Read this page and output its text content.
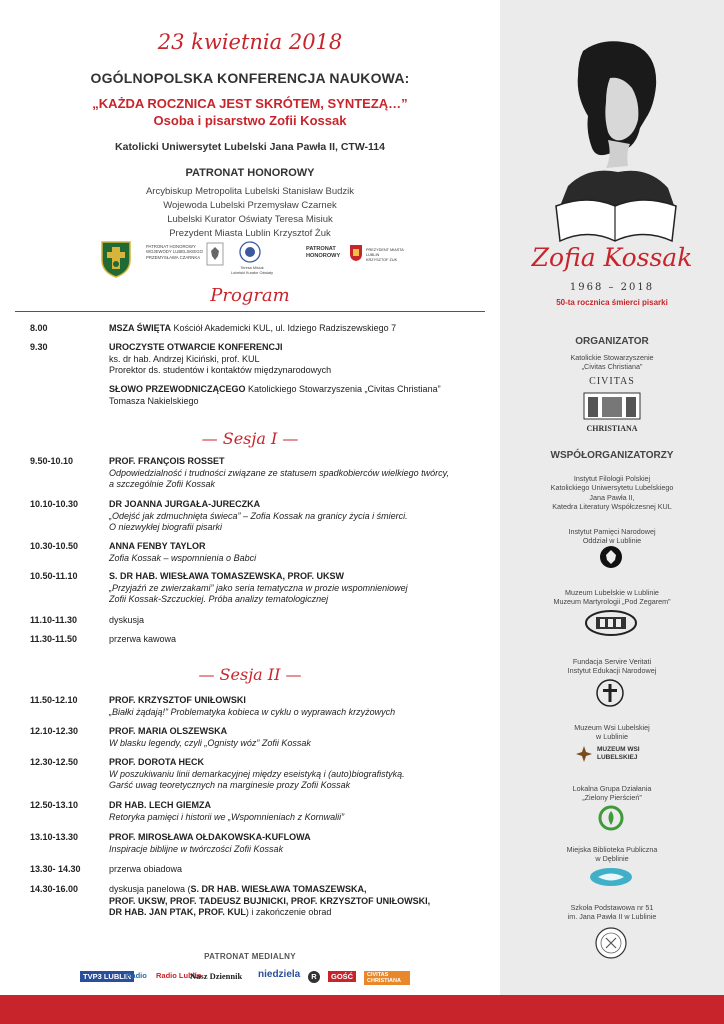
23 kwietnia 2018
OGÓLNOPOLSKA KONFERENCJA NAUKOWA:
„KAŻDA ROCZNICA JEST SKRÓTEM, SYNTEZĄ…”
Osoba i pisarstwo Zofii Kossak
Katolicki Uniwersytet Lubelski Jana Pawła II, CTW-114
PATRONAT HONOROWY
Arcybiskup Metropolita Lubelski Stanisław Budzik
Wojewoda Lubelski Przemysław Czarnek
Lubelski Kurator Oświaty Teresa Misiuk
Prezydent Miasta Lublin Krzysztof Żuk
PATRONAT HONOROWY
WOJEWODY LUBELSKIEGO
PRZEMYSŁAWA CZARNKA
Teresa Misiuk
Lubelski Kurator Oświaty
PATRONAT
HONOROWY
PREZYDENT MIASTA LUBLIN
KRZYSZTOF ŻUK
Program
8.00	MSZA ŚWIĘTA Kościół Akademicki KUL, ul. Idziego Radziszewskiego 7
9.30	UROCZYSTE OTWARCIE KONFERENCJI
ks. dr hab. Andrzej Kiciński, prof. KUL
Prorektor ds. studentów i kontaktów międzynarodowych
SŁOWO PRZEWODNICZĄCEGO Katolickiego Stowarzyszenia „Civitas Christiana”
Tomasza Nakielskiego
— Sesja I —
9.50-10.10	PROF. FRANÇOIS ROSSET
Odpowiedzialność i trudności związane ze statusem spadkobierców wielkiego twórcy,
a szczególnie Zofii Kossak
10.10-10.30	DR JOANNA JURGAŁA-JURECZKA
„Odejść jak zdmuchnięta świeca” – Zofia Kossak na granicy życia i śmierci.
O niezwykłej biografii pisarki
10.30-10.50	ANNA FENBY TAYLOR
Zofia Kossak – wspomnienia o Babci
10.50-11.10	S. DR HAB. WIESŁAWA TOMASZEWSKA, PROF. UKSW
„Przyjaźń ze zwierzakami” jako seria tematyczna w prozie wspomnieniowej
Zofii Kossak-Szczuckiej. Próba analizy tematologicznej
11.10-11.30	dyskusja
11.30-11.50	przerwa kawowa
— Sesja II —
11.50-12.10	PROF. KRZYSZTOF UNIŁOWSKI
„Białki żądają!” Problematyka kobieca w cyklu o wyprawach krzyżowych
12.10-12.30	PROF. MARIA OLSZEWSKA
W blasku legendy, czyli „Ognisty wóz” Zofii Kossak
12.30-12.50	PROF. DOROTA HECK
W poszukiwaniu linii demarkacyjnej między eseistyką i (auto)biografistyką.
Garść uwag teoretycznych na marginesie prozy Zofii Kossak
12.50-13.10	DR HAB. LECH GIEMZA
Retoryka pamięci i historii we „Wspomnieniach z Kornwalii”
13.10-13.30	PROF. MIROSŁAWA OŁDAKOWSKA-KUFLOWA
Inspiracje biblijne w twórczości Zofii Kossak
13.30- 14.30	przerwa obiadowa
14.30-16.00	dyskusja panelowa (S. DR HAB. WIESŁAWA TOMASZEWSKA,
PROF. UKSW, PROF. TADEUSZ BUJNICKI, PROF. KRZYSZTOF UNIŁOWSKI,
DR HAB. JAN PTAK, PROF. KUL) i zakończenie obrad
PATRONAT MEDIALNY
TVP3 LUBLIN
Radio Radio Lublin
Nasz Dziennik niedziela	R	GOŚĆ	CIVITAS CHRISTIANA
Zofia Kossak
1968 – 2018
50-ta rocznica śmierci pisarki
ORGANIZATOR
Katolickie Stowarzyszenie
„Civitas Christiana”
CIVITAS
CHRISTIANA
WSPÓŁORGANIZATORZY
Instytut Filologii Polskiej
Katolickiego Uniwersytetu Lubelskiego
Jana Pawła II,
Katedra Literatury Współczesnej KUL
Instytut Pamięci Narodowej
Oddział w Lublinie
Muzeum Lubelskie w Lublinie
Muzeum Martyrologii „Pod Zegarem”
Fundacja Servire Veritati
Instytut Edukacji Narodowej
Muzeum Wsi Lubelskiej
w Lublinie
MUZEUM WSI
LUBELSKIEJ
Lokalna Grupa Działania
„Zielony Pierścień”
Miejska Biblioteka Publiczna
w Dęblinie
Szkoła Podstawowa nr 51
im. Jana Pawła II w Lublinie
